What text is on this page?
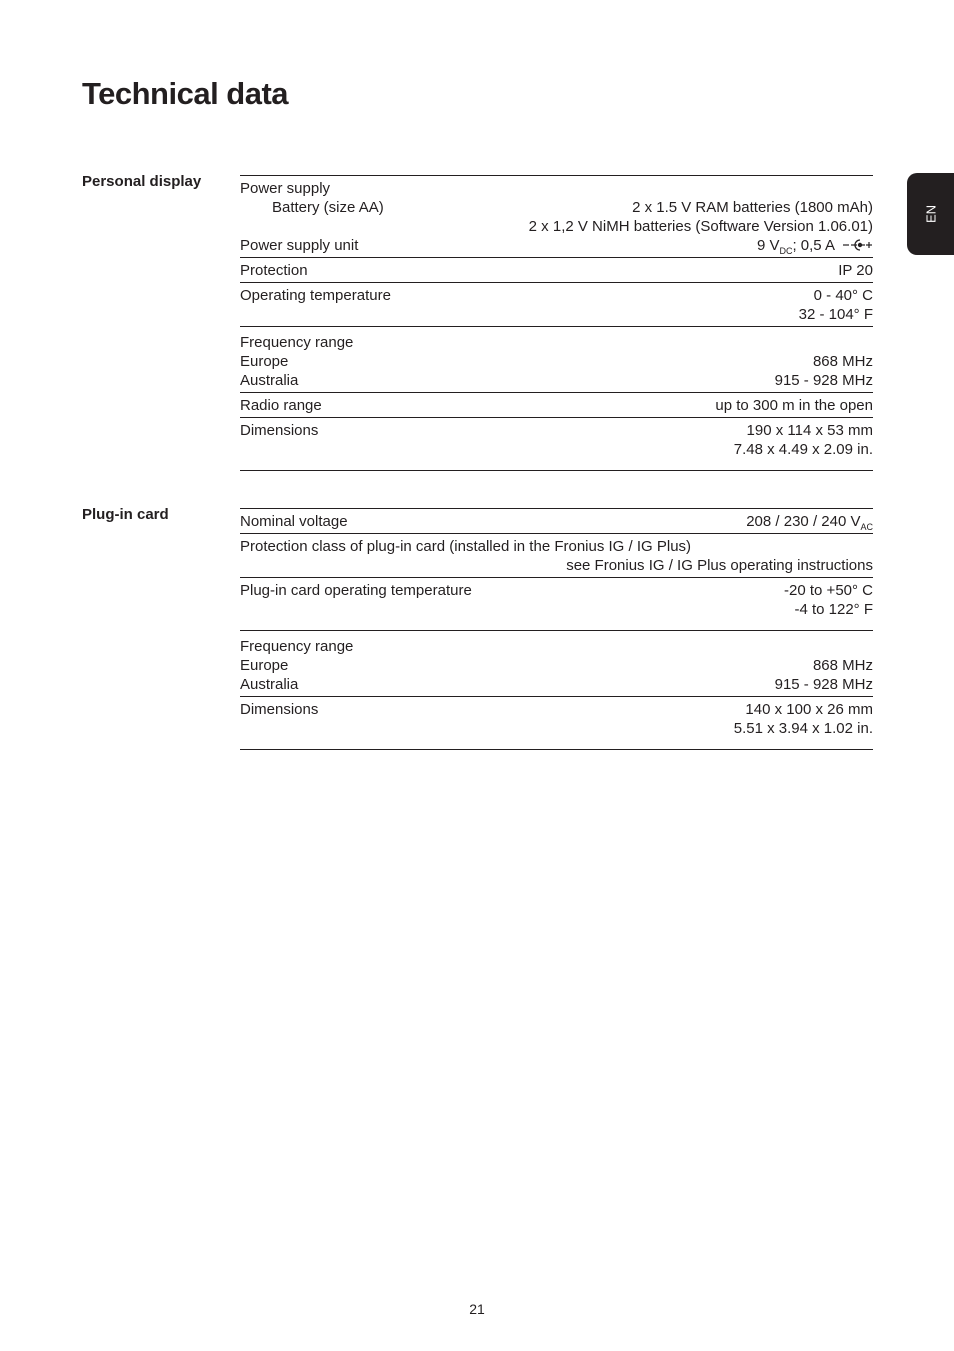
Technical data
EN
Personal display	Power supply
Battery (size AA)	2 x 1.5 V RAM batteries (1800 mAh)
2 x 1,2 V NiMH batteries (Software Version 1.06.01)
Power supply unit	9 $V_{DC}$; 0,5 A
Protection	IP 20
Operating temperature	0 - 40° C
32 - 104° F
Frequency range
Europe	868 MHz
Australia	915 - 928 MHz
Radio range	up to 300 m in the open
Dimensions	190 x 114 x 53 mm
7.48 x 4.49 x 2.09 in.
Plug-in card	Nominal voltage	208 / 230 / 240 $V_{AC}$
Protection class of plug-in card (installed in the Fronius IG / IG Plus)
see Fronius IG / IG Plus operating instructions
Plug-in card operating temperature	-20 to +50° C
-4 to 122° F
Frequency range
Europe	868 MHz
Australia	915 - 928 MHz
Dimensions	140 x 100 x 26 mm
5.51 x 3.94 x 1.02 in.
21
